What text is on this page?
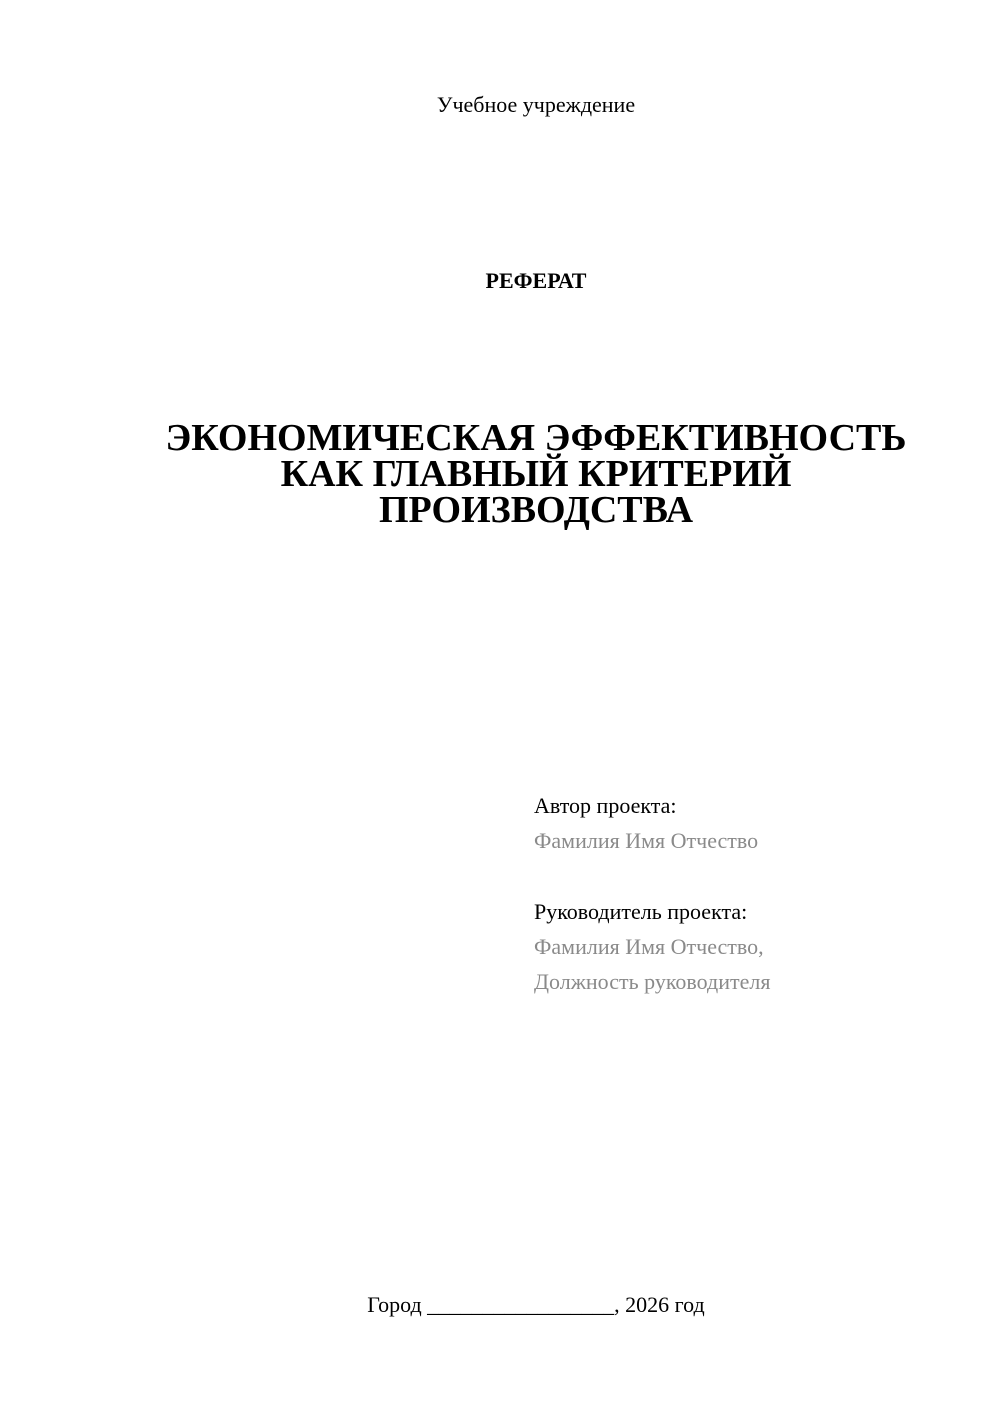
Учебное учреждение
РЕФЕРАТ
ЭКОНОМИЧЕСКАЯ ЭФФЕКТИВНОСТЬ
КАК ГЛАВНЫЙ КРИТЕРИЙ
ПРОИЗВОДСТВА
Автор проекта:
Фамилия Имя Отчество
Руководитель проекта:
Фамилия Имя Отчество,
Должность руководителя
Город _________________, 2026 год
